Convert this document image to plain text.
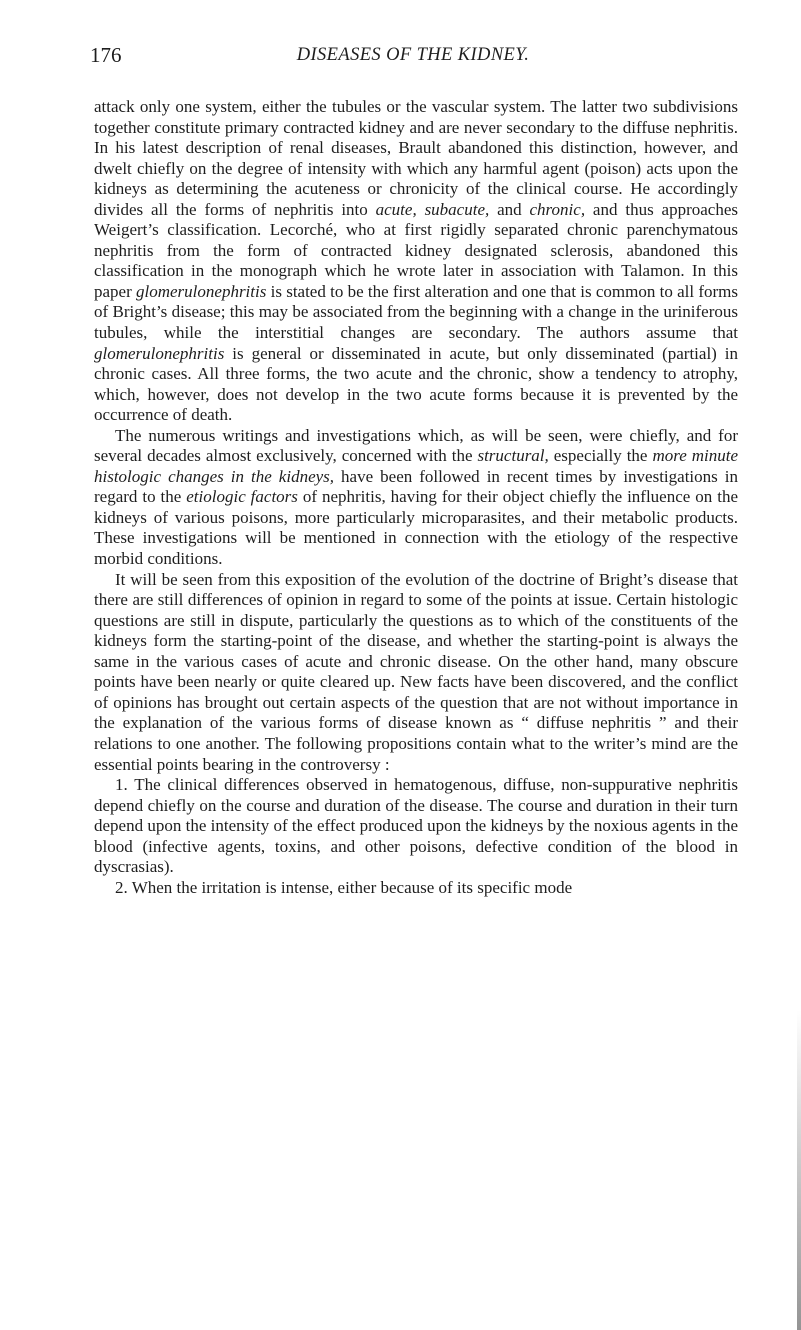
176	DISEASES OF THE KIDNEY.

attack only one system, either the tubules or the vascular system. The latter two subdivisions together constitute primary contracted kidney and are never secondary to the diffuse nephritis. In his latest description of renal diseases, Brault abandoned this distinction, however, and dwelt chiefly on the degree of intensity with which any harmful agent (poison) acts upon the kidneys as determining the acuteness or chronicity of the clinical course. He accordingly divides all the forms of nephritis into acute, subacute, and chronic, and thus approaches Weigert’s classification. Lecorché, who at first rigidly separated chronic parenchymatous nephritis from the form of contracted kidney designated sclerosis, abandoned this classification in the monograph which he wrote later in association with Talamon. In this paper glomerulonephritis is stated to be the first alteration and one that is common to all forms of Bright’s disease; this may be associated from the beginning with a change in the uriniferous tubules, while the interstitial changes are secondary. The authors assume that glomerulonephritis is general or disseminated in acute, but only disseminated (partial) in chronic cases. All three forms, the two acute and the chronic, show a tendency to atrophy, which, however, does not develop in the two acute forms because it is prevented by the occurrence of death.

The numerous writings and investigations which, as will be seen, were chiefly, and for several decades almost exclusively, concerned with the structural, especially the more minute histologic changes in the kidneys, have been followed in recent times by investigations in regard to the etiologic factors of nephritis, having for their object chiefly the influence on the kidneys of various poisons, more particularly microparasites, and their metabolic products. These investigations will be mentioned in connection with the etiology of the respective morbid conditions.

It will be seen from this exposition of the evolution of the doctrine of Bright’s disease that there are still differences of opinion in regard to some of the points at issue. Certain histologic questions are still in dispute, particularly the questions as to which of the constituents of the kidneys form the starting-point of the disease, and whether the starting-point is always the same in the various cases of acute and chronic disease. On the other hand, many obscure points have been nearly or quite cleared up. New facts have been discovered, and the conflict of opinions has brought out certain aspects of the question that are not without importance in the explanation of the various forms of disease known as “ diffuse nephritis ” and their relations to one another. The following propositions contain what to the writer’s mind are the essential points bearing in the controversy :

1. The clinical differences observed in hematogenous, diffuse, non-suppurative nephritis depend chiefly on the course and duration of the disease. The course and duration in their turn depend upon the intensity of the effect produced upon the kidneys by the noxious agents in the blood (infective agents, toxins, and other poisons, defective condition of the blood in dyscrasias).

2. When the irritation is intense, either because of its specific mode
